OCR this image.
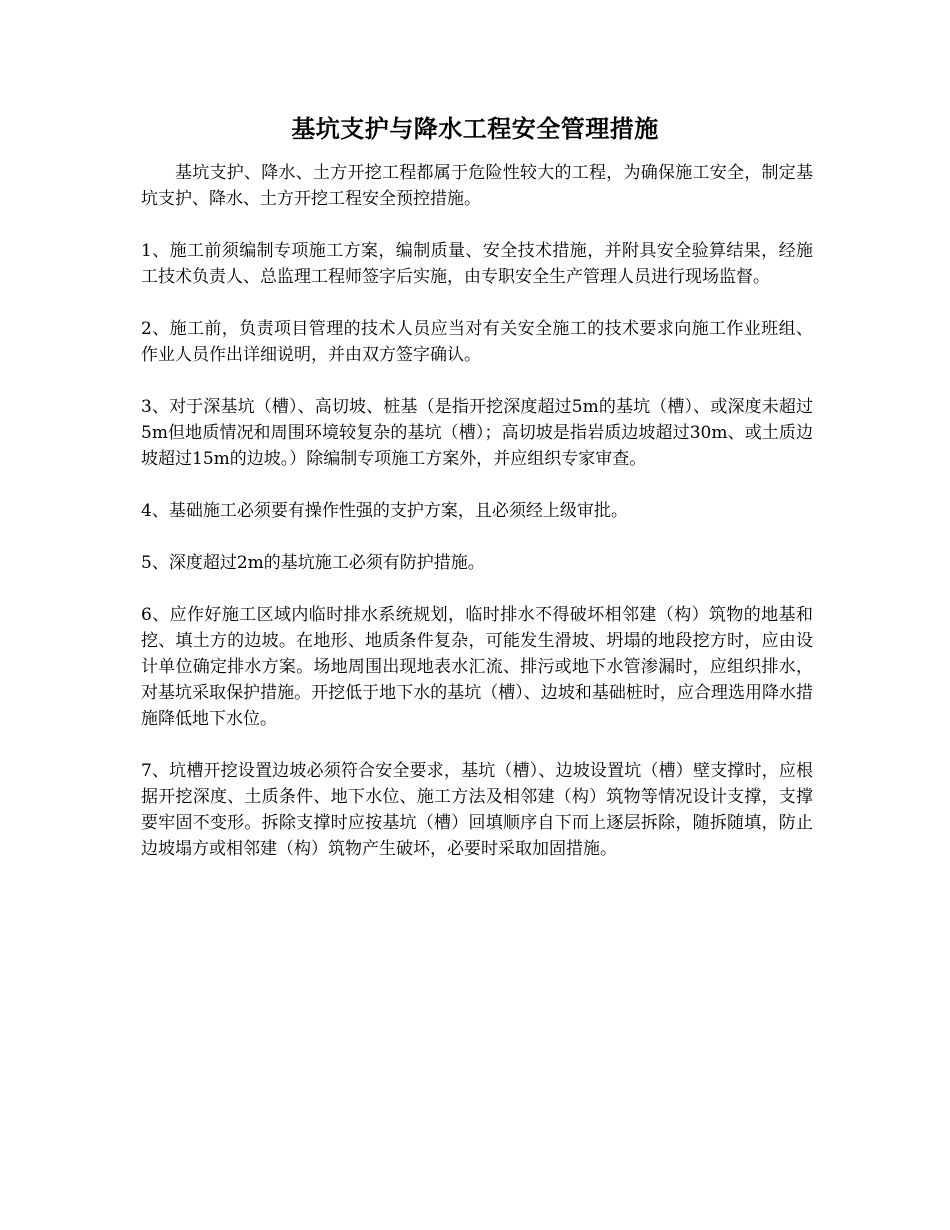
基坑支护与降水工程安全管理措施

基坑支护、降水、土方开挖工程都属于危险性较大的工程，为确保施工安全，制定基坑支护、降水、土方开挖工程安全预控措施。

1、施工前须编制专项施工方案，编制质量、安全技术措施，并附具安全验算结果，经施工技术负责人、总监理工程师签字后实施，由专职安全生产管理人员进行现场监督。

2、施工前，负责项目管理的技术人员应当对有关安全施工的技术要求向施工作业班组、作业人员作出详细说明，并由双方签字确认。

3、对于深基坑（槽）、高切坡、桩基（是指开挖深度超过5m的基坑（槽）、或深度未超过5m但地质情况和周围环境较复杂的基坑（槽）；高切坡是指岩质边坡超过30m、或土质边坡超过15m的边坡。）除编制专项施工方案外，并应组织专家审查。

4、基础施工必须要有操作性强的支护方案，且必须经上级审批。

5、深度超过2m的基坑施工必须有防护措施。

6、应作好施工区域内临时排水系统规划，临时排水不得破坏相邻建（构）筑物的地基和挖、填土方的边坡。在地形、地质条件复杂，可能发生滑坡、坍塌的地段挖方时，应由设计单位确定排水方案。场地周围出现地表水汇流、排污或地下水管渗漏时，应组织排水，对基坑采取保护措施。开挖低于地下水的基坑（槽）、边坡和基础桩时，应合理选用降水措施降低地下水位。

7、坑槽开挖设置边坡必须符合安全要求，基坑（槽）、边坡设置坑（槽）壁支撑时，应根据开挖深度、土质条件、地下水位、施工方法及相邻建（构）筑物等情况设计支撑，支撑要牢固不变形。拆除支撑时应按基坑（槽）回填顺序自下而上逐层拆除，随拆随填，防止边坡塌方或相邻建（构）筑物产生破坏，必要时采取加固措施。
